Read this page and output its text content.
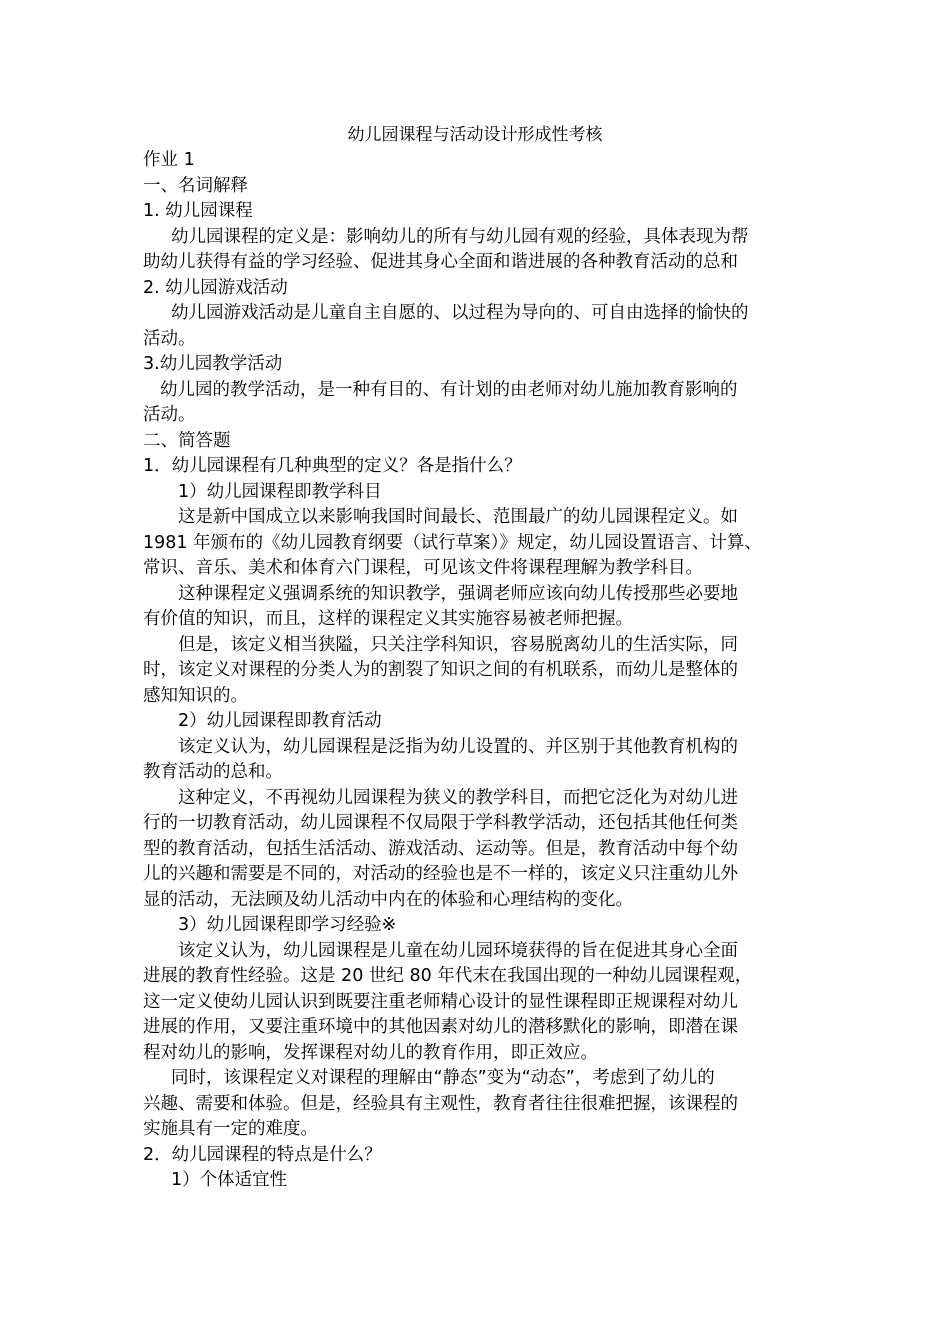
幼儿园课程与活动设计形成性考核
作业 1
一、名词解释
1. 幼儿园课程
幼儿园课程的定义是：影响幼儿的所有与幼儿园有观的经验，具体表现为帮
助幼儿获得有益的学习经验、促进其身心全面和谐进展的各种教育活动的总和
2. 幼儿园游戏活动
幼儿园游戏活动是儿童自主自愿的、以过程为导向的、可自由选择的愉快的
活动。
3.幼儿园教学活动
幼儿园的教学活动，是一种有目的、有计划的由老师对幼儿施加教育影响的
活动。
二、简答题
1．幼儿园课程有几种典型的定义？各是指什么？
1）幼儿园课程即教学科目
这是新中国成立以来影响我国时间最长、范围最广的幼儿园课程定义。如
1981 年颁布的《幼儿园教育纲要（试行草案）》规定，幼儿园设置语言、计算、
常识、音乐、美术和体育六门课程，可见该文件将课程理解为教学科目。
这种课程定义强调系统的知识教学，强调老师应该向幼儿传授那些必要地
有价值的知识，而且，这样的课程定义其实施容易被老师把握。
但是，该定义相当狭隘，只关注学科知识，容易脱离幼儿的生活实际，同
时，该定义对课程的分类人为的割裂了知识之间的有机联系，而幼儿是整体的
感知知识的。
2）幼儿园课程即教育活动
该定义认为，幼儿园课程是泛指为幼儿设置的、并区别于其他教育机构的
教育活动的总和。
这种定义，不再视幼儿园课程为狭义的教学科目，而把它泛化为对幼儿进
行的一切教育活动，幼儿园课程不仅局限于学科教学活动，还包括其他任何类
型的教育活动，包括生活活动、游戏活动、运动等。但是，教育活动中每个幼
儿的兴趣和需要是不同的，对活动的经验也是不一样的，该定义只注重幼儿外
显的活动，无法顾及幼儿活动中内在的体验和心理结构的变化。
3）幼儿园课程即学习经验※
该定义认为，幼儿园课程是儿童在幼儿园环境获得的旨在促进其身心全面
进展的教育性经验。这是 20 世纪 80 年代末在我国出现的一种幼儿园课程观，
这一定义使幼儿园认识到既要注重老师精心设计的显性课程即正规课程对幼儿
进展的作用，又要注重环境中的其他因素对幼儿的潜移默化的影响，即潜在课
程对幼儿的影响，发挥课程对幼儿的教育作用，即正效应。
同时，该课程定义对课程的理解由“静态”变为“动态”，考虑到了幼儿的
兴趣、需要和体验。但是，经验具有主观性，教育者往往很难把握，该课程的
实施具有一定的难度。
2．幼儿园课程的特点是什么？
1）个体适宜性
